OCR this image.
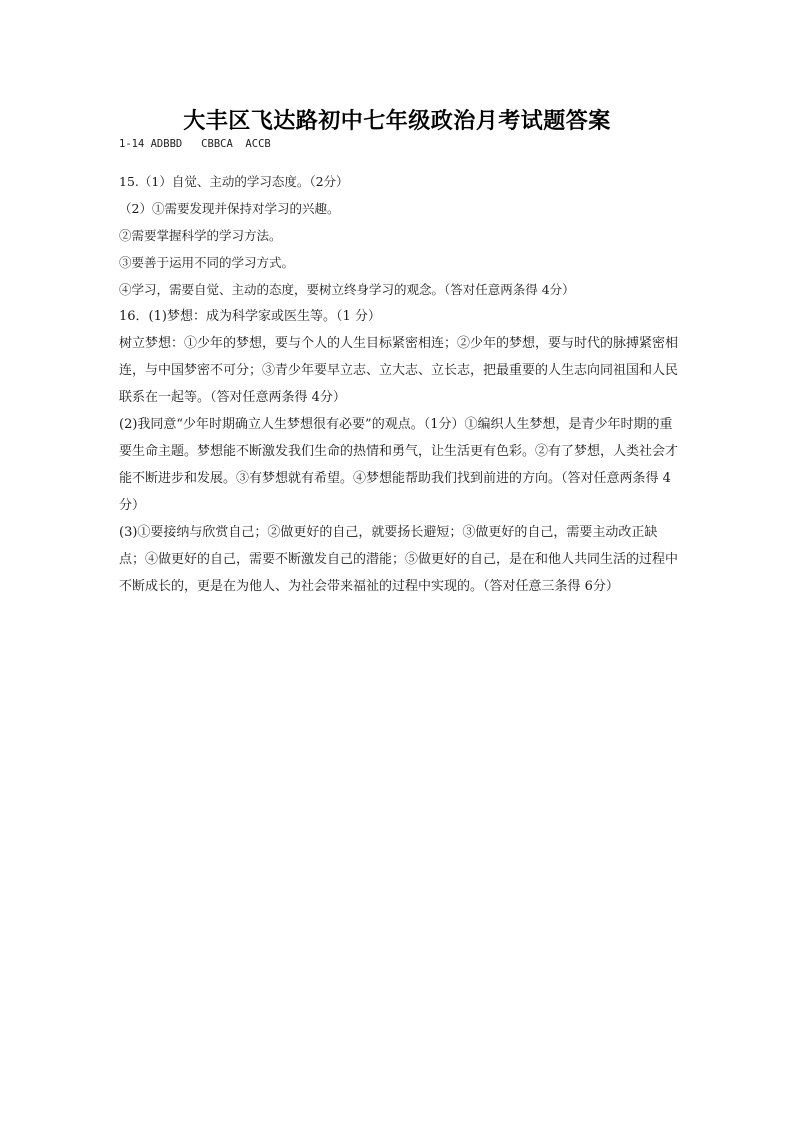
大丰区飞达路初中七年级政治月考试题答案
1-14 ADBBD   CBBCA  ACCB

15.（1）自觉、主动的学习态度。（2分）

（2）①需要发现并保持对学习的兴趣。

②需要掌握科学的学习方法。

③要善于运用不同的学习方式。

④学习，需要自觉、主动的态度，要树立终身学习的观念。（答对任意两条得 4分）

16．(1)梦想：成为科学家或医生等。（1 分）

树立梦想：①少年的梦想，要与个人的人生目标紧密相连；②少年的梦想，要与时代的脉搏紧密相连，与中国梦密不可分；③青少年要早立志、立大志、立长志，把最重要的人生志向同祖国和人民联系在一起等。（答对任意两条得 4分）

(2)我同意“少年时期确立人生梦想很有必要”的观点。（1分）①编织人生梦想，是青少年时期的重要生命主题。梦想能不断激发我们生命的热情和勇气，让生活更有色彩。②有了梦想，人类社会才能不断进步和发展。③有梦想就有希望。④梦想能帮助我们找到前进的方向。（答对任意两条得 4分）

(3)①要接纳与欣赏自己；②做更好的自己，就要扬长避短；③做更好的自己，需要主动改正缺点；④做更好的自己，需要不断激发自己的潜能；⑤做更好的自己，是在和他人共同生活的过程中不断成长的，更是在为他人、为社会带来福祉的过程中实现的。（答对任意三条得 6分）
